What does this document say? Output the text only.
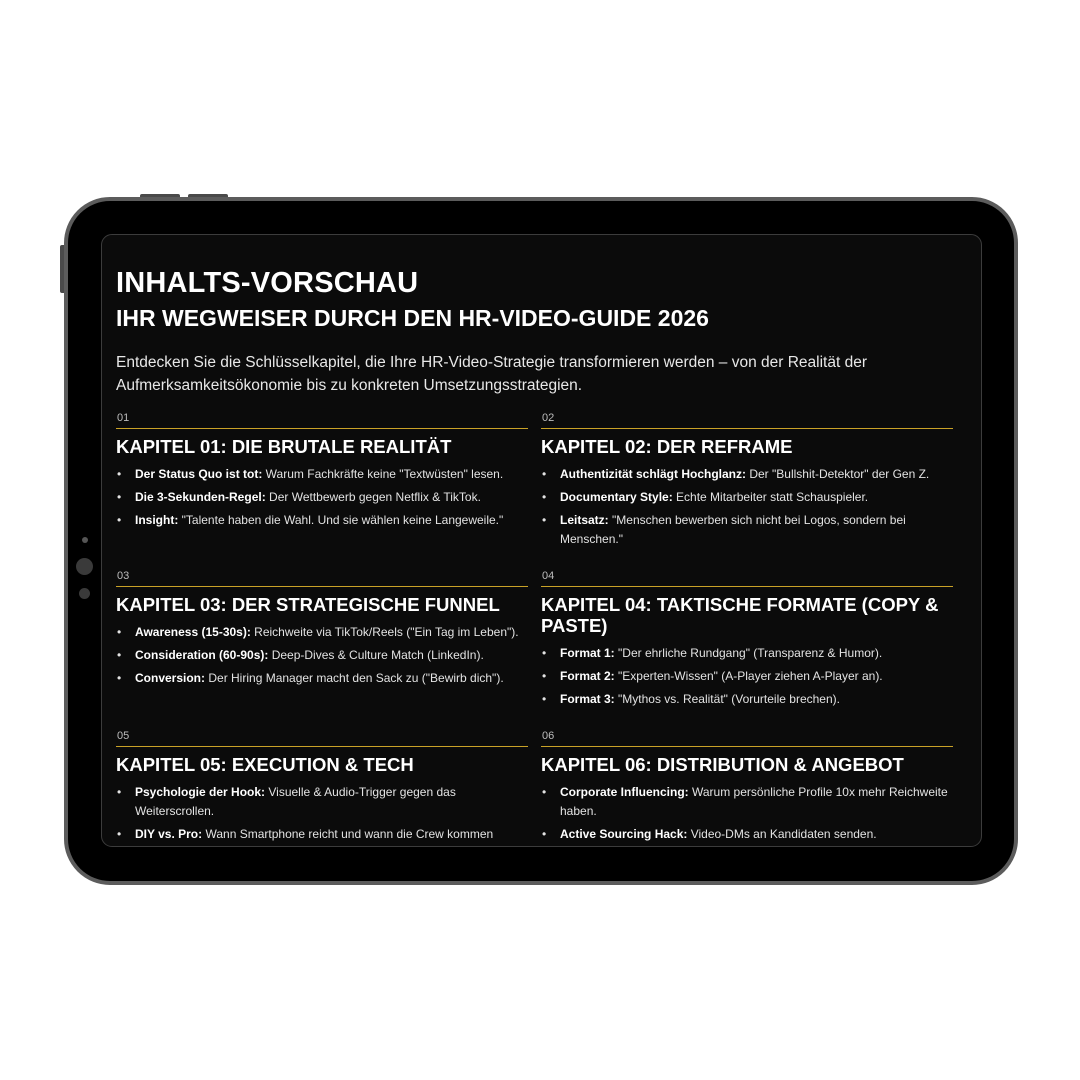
INHALTS-VORSCHAU
IHR WEGWEISER DURCH DEN HR-VIDEO-GUIDE 2026

Entdecken Sie die Schlüsselkapitel, die Ihre HR-Video-Strategie transformieren werden – von der Realität der Aufmerksamkeitsökonomie bis zu konkreten Umsetzungsstrategien.

01
KAPITEL 01: DIE BRUTALE REALITÄT
• Der Status Quo ist tot: Warum Fachkräfte keine "Textwüsten" lesen.
• Die 3-Sekunden-Regel: Der Wettbewerb gegen Netflix & TikTok.
• Insight: "Talente haben die Wahl. Und sie wählen keine Langeweile."
02
KAPITEL 02: DER REFRAME
• Authentizität schlägt Hochglanz: Der "Bullshit-Detektor" der Gen Z.
• Documentary Style: Echte Mitarbeiter statt Schauspieler.
• Leitsatz: "Menschen bewerben sich nicht bei Logos, sondern bei Menschen."
03
KAPITEL 03: DER STRATEGISCHE FUNNEL
• Awareness (15-30s): Reichweite via TikTok/Reels ("Ein Tag im Leben").
• Consideration (60-90s): Deep-Dives & Culture Match (LinkedIn).
• Conversion: Der Hiring Manager macht den Sack zu ("Bewirb dich").
04
KAPITEL 04: TAKTISCHE FORMATE (COPY & PASTE)
• Format 1: "Der ehrliche Rundgang" (Transparenz & Humor).
• Format 2: "Experten-Wissen" (A-Player ziehen A-Player an).
• Format 3: "Mythos vs. Realität" (Vorurteile brechen).
05
KAPITEL 05: EXECUTION & TECH
• Psychologie der Hook: Visuelle & Audio-Trigger gegen das Weiterscrollen.
• DIY vs. Pro: Wann Smartphone reicht und wann die Crew kommen
06
KAPITEL 06: DISTRIBUTION & ANGEBOT
• Corporate Influencing: Warum persönliche Profile 10x mehr Reichweite haben.
• Active Sourcing Hack: Video-DMs an Kandidaten senden.
